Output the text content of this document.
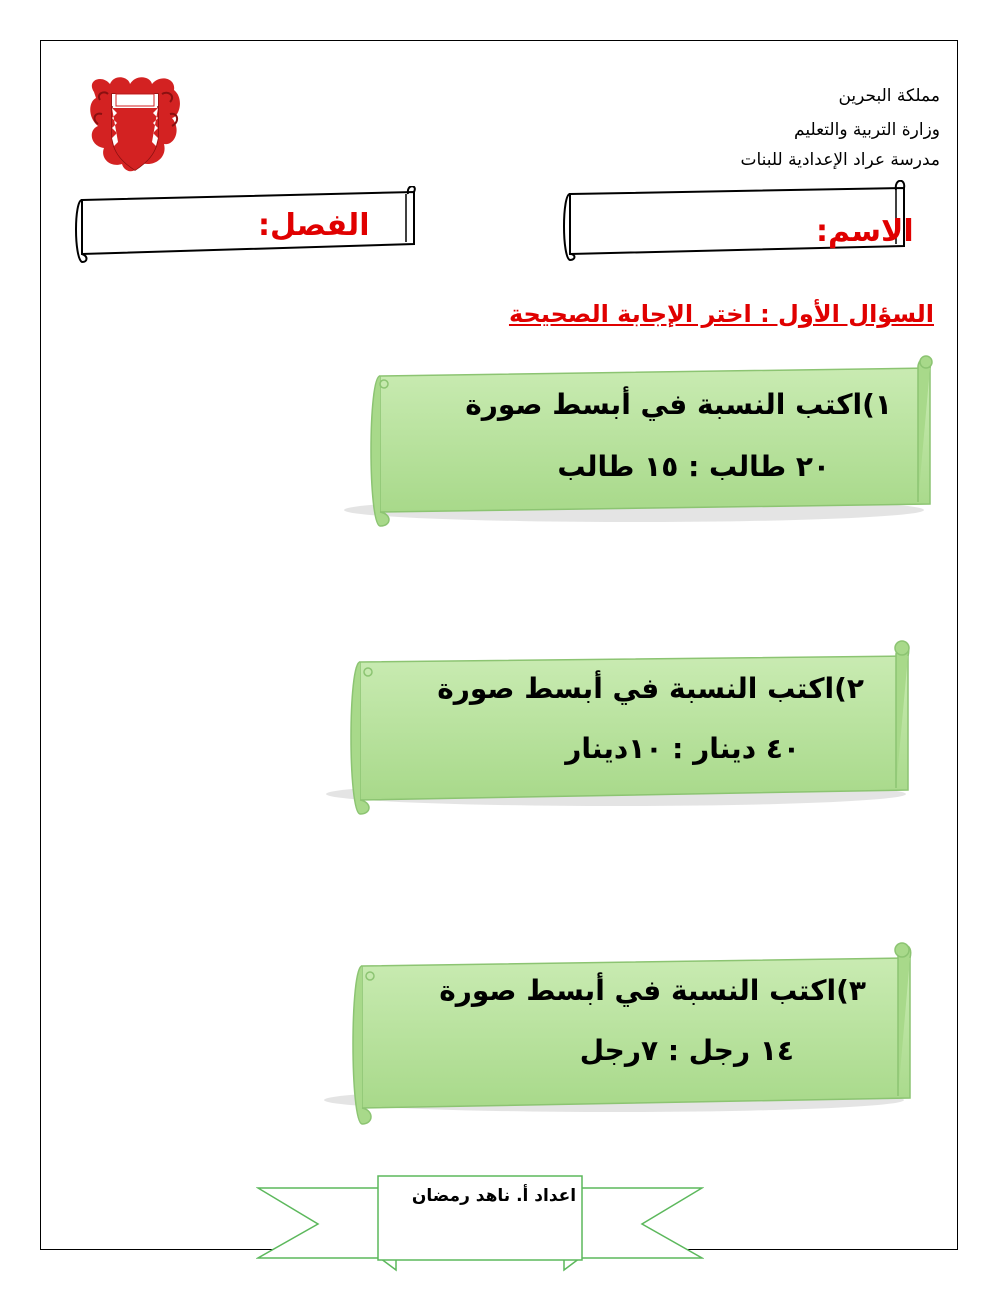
مملكة البحرين
وزارة التربية والتعليم
مدرسة عراد الإعدادية للبنات
الفصل:	الاسم:
السؤال الأول : اختر الإجابة الصحيحة
١)اكتب النسبة في أبسط صورة
٢٠ طالب : ١٥ طالب
٢)اكتب النسبة في أبسط صورة
٤٠ دينار : ١٠دينار
٣)اكتب النسبة في أبسط صورة
١٤ رجل : ٧رجل
اعداد أ. ناهد رمضان
